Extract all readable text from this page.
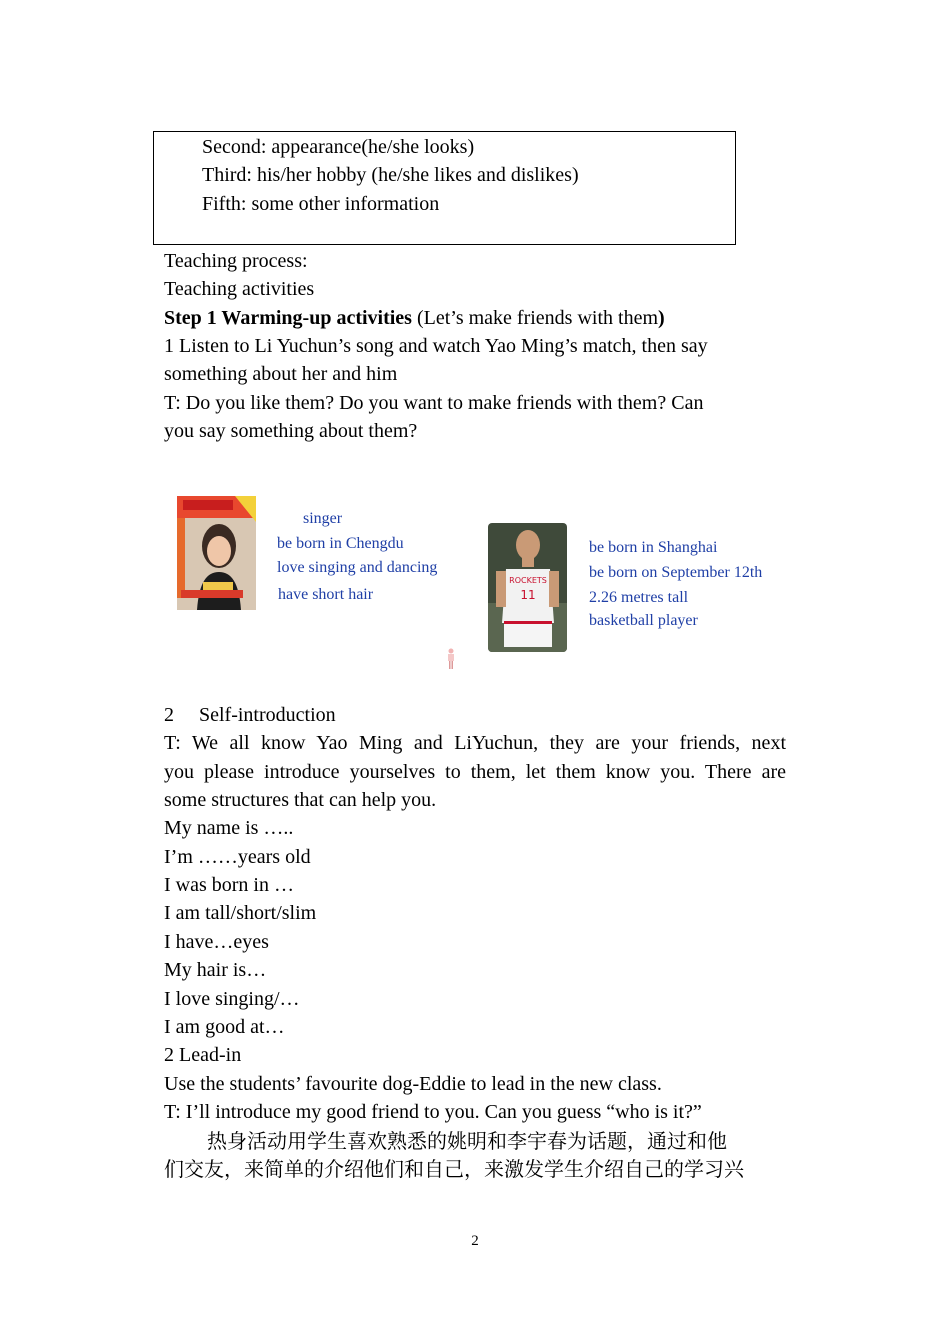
Second: appearance(he/she looks)
Third: his/her hobby (he/she likes and dislikes)
Fifth: some other information
Teaching process:
Teaching activities
Step 1 Warming-up activities (Let’s make friends with them)
1 Listen to Li Yuchun’s song and watch Yao Ming’s match, then say
something about her and him
T: Do you like them? Do you want to make friends with them? Can
you say something about them?
singer
be born in Chengdu
love singing and dancing
have short hair
ROCKETS
11
be born in Shanghai
be born on September 12th
2.26 metres tall
basketball player
2  Self-introduction
T: We all know Yao Ming and LiYuchun, they are your friends, next
you please introduce yourselves to them, let them know you. There are
some structures that can help you.
My name is …..
I’m ……years old
I was born in …
I am tall/short/slim
I have…eyes
My hair is…
I love singing/…
I am good at…
2 Lead-in
Use the students’ favourite dog-Eddie to lead in the new class.
T: I’ll introduce my good friend to you. Can you guess “who is it?”
热身活动用学生喜欢熟悉的姚明和李宇春为话题，通过和他
们交友，来简单的介绍他们和自己，来激发学生介绍自己的学习兴
2
